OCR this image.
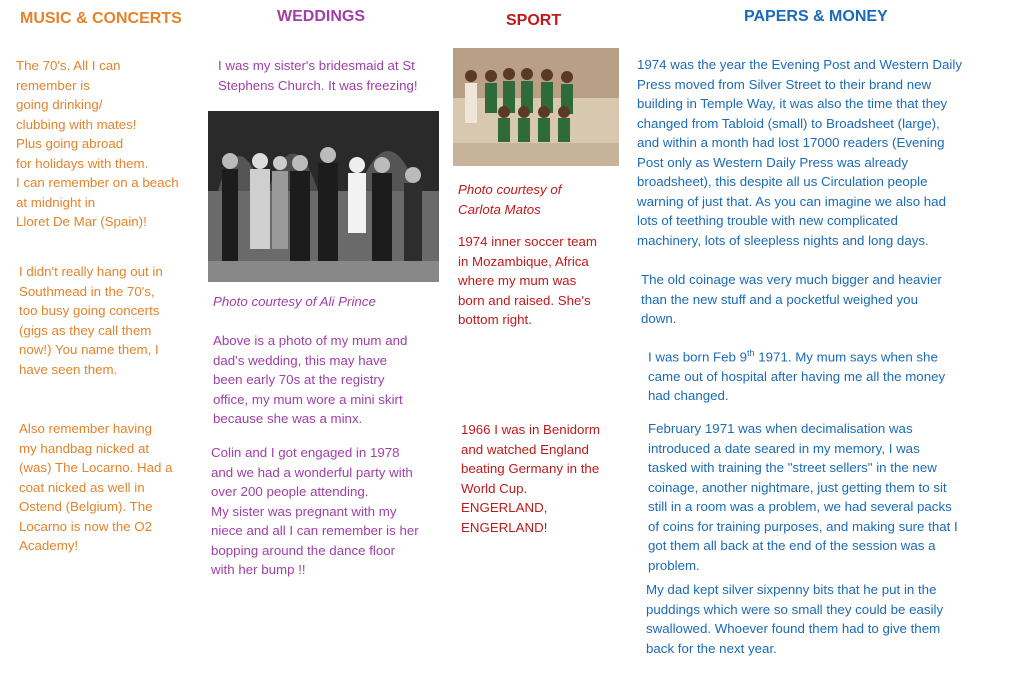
MUSIC & CONCERTS	WEDDINGS	SPORT	PAPERS & MONEY
The 70's. All I can
remember is
going drinking/
clubbing with mates!
Plus going abroad
for holidays with them.
I can remember on a beach
at midnight in
Lloret De Mar (Spain)!
I didn't really hang out in
Southmead in the 70's,
too busy going concerts
(gigs as they call them
now!) You name them, I
have seen them.
Also remember having
my handbag nicked at
(was) The Locarno. Had a
coat nicked as well in
Ostend (Belgium). The
Locarno is now the O2
Academy!
I was my sister's bridesmaid at St
Stephens Church. It was freezing!
Photo courtesy of Ali Prince
Above is a photo of my mum and
dad's wedding, this may have
been early 70s at the registry
office, my mum wore a mini skirt
because she was a minx.
Colin and I got engaged in 1978
and we had a wonderful party with
over 200 people attending.
My sister was pregnant with my
niece and all I can remember is her
bopping around the dance floor
with her bump !!
Photo courtesy of
Carlota Matos
1974 inner soccer team
in Mozambique, Africa
where my mum was
born and raised. She's
bottom right.
1966 I was in Benidorm
and watched England
beating Germany in the
World Cup.
ENGERLAND,
ENGERLAND!
1974 was the year the Evening Post and Western Daily
Press moved from Silver Street to their brand new
building in Temple Way, it was also the time that they
changed from Tabloid (small) to Broadsheet (large),
and within a month had lost 17000 readers (Evening
Post only as Western Daily Press was already
broadsheet), this despite all us Circulation people
warning of just that. As you can imagine we also had
lots of teething trouble with new complicated
machinery, lots of sleepless nights and long days.
The old coinage was very much bigger and heavier
than the new stuff and a pocketful weighed you
down.
I was born Feb 9th 1971. My mum says when she
came out of hospital after having me all the money
had changed.
February 1971 was when decimalisation was
introduced a date seared in my memory, I was
tasked with training the "street sellers" in the new
coinage, another nightmare, just getting them to sit
still in a room was a problem, we had several packs
of coins for training purposes, and making sure that I
got them all back at the end of the session was a
problem.
My dad kept silver sixpenny bits that he put in the
puddings which were so small they could be easily
swallowed. Whoever found them had to give them
back for the next year.
